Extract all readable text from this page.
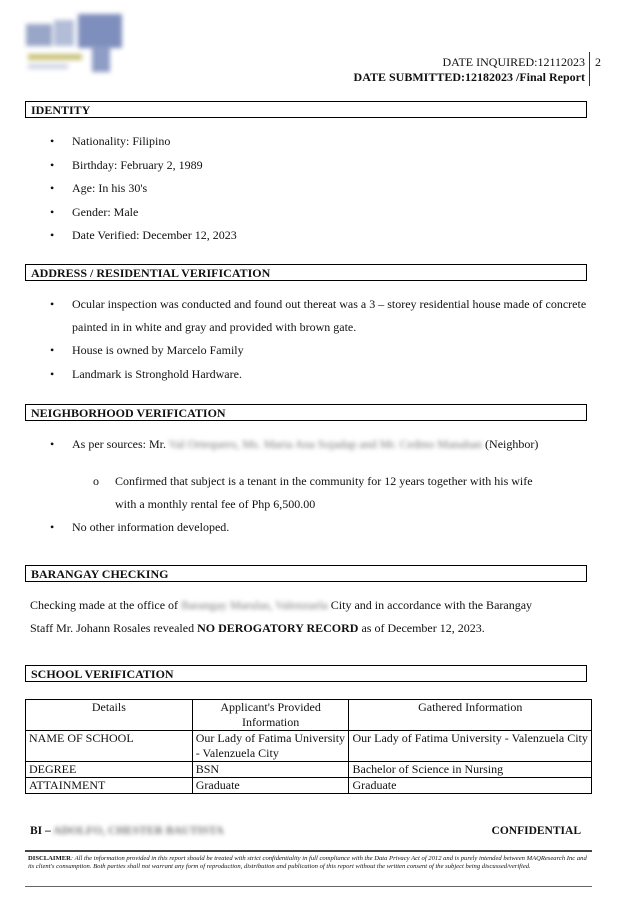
DATE INQUIRED:12112023
DATE SUBMITTED:12182023 /Final Report
2
IDENTITY
• Nationality: Filipino
• Birthday: February 2, 1989
• Age: In his 30's
• Gender: Male
• Date Verified: December 12, 2023
ADDRESS / RESIDENTIAL VERIFICATION
• Ocular inspection was conducted and found out thereat was a 3 – storey residential house made of concrete painted in in white and gray and provided with brown gate.
• House is owned by Marcelo Family
• Landmark is Stronghold Hardware.
NEIGHBORHOOD VERIFICATION
• As per sources: Mr. Val Ortequero, Ms. Maria Ana Sojadap and Mr. Cedmo Manahan (Neighbor)
o Confirmed that subject is a tenant in the community for 12 years together with his wife
with a monthly rental fee of Php 6,500.00
• No other information developed.
BARANGAY CHECKING
Checking made at the office of Barangay Marulas, Valenzuela City and in accordance with the Barangay
Staff Mr. Johann Rosales revealed NO DEROGATORY RECORD as of December 12, 2023.
SCHOOL VERIFICATION
Details	Applicant's Provided Information	Gathered Information
NAME OF SCHOOL	Our Lady of Fatima University - Valenzuela City	Our Lady of Fatima University - Valenzuela City
DEGREE	BSN	Bachelor of Science in Nursing
ATTAINMENT	Graduate	Graduate
BI – ADOLFO, CHESTER BAUTISTA	CONFIDENTIAL
DISCLAIMER: All the information provided in this report should be treated with strict confidentiality in full compliance with the Data Privacy Act of 2012 and is purely intended between MAQResearch Inc and its client's consumption. Both parties shall not warrant any form of reproduction, distribution and publication of this report without the written consent of the subject being discussed/verified.
